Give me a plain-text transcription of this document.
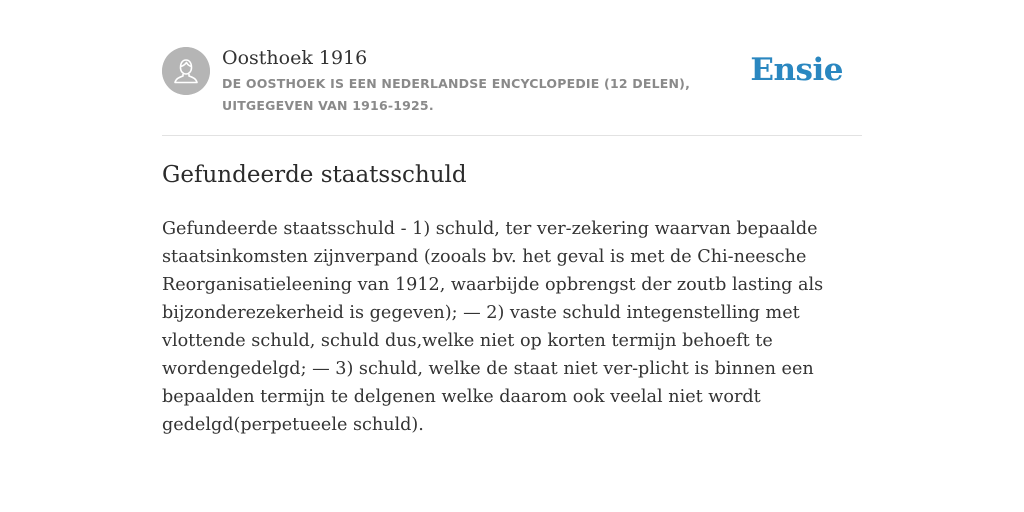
Oosthoek 1916

DE OOSTHOEK IS EEN NEDERLANDSE ENCYCLOPEDIE (12 DELEN), UITGEGEVEN VAN 1916-1925.

Ensie
Gefundeerde staatsschuld

Gefundeerde staatsschuld - 1) schuld, ter ver-zekering waarvan bepaalde staatsinkomsten zijnverpand (zooals bv. het geval is met de Chi-neesche Reorganisatieleening van 1912, waarbijde opbrengst der zoutb lasting als bijzonderezekerheid is gegeven); — 2) vaste schuld integenstelling met vlottende schuld, schuld dus,welke niet op korten termijn behoeft te wordengedelgd; — 3) schuld, welke de staat niet ver-plicht is binnen een bepaalden termijn te delgenen welke daarom ook veelal niet wordt gedelgd(perpetueele schuld).
